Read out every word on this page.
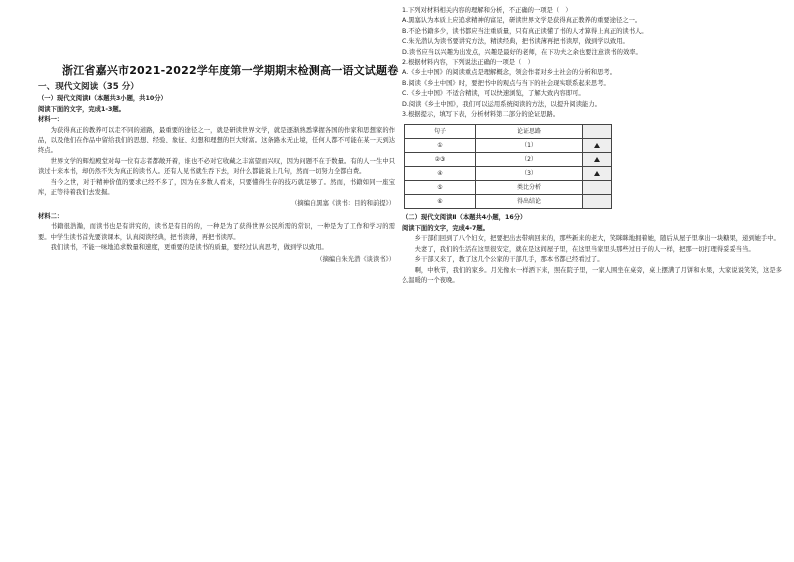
浙江省嘉兴市2021-2022学年度第一学期期末检测高一语文试题卷
一、现代文阅读（35 分）
（一）现代文阅读Ⅰ（本题共3小题，共10分）
阅读下面的文字，完成1-3题。
材料一：

为获得真正的教养可以走不同的道路，最重要的途径之一，就是研读世界文学，就是逐渐熟悉掌握各国的作家和思想家的作品，以及他们在作品中留给我们的思想、经验、象征、幻想和理想的巨大财富。这条路永无止境，任何人都不可能在某一天到达终点。

世界文学的辉煌殿堂对每一位有志者都敞开着，谁也不必对它收藏之丰富望而兴叹，因为问题不在于数量。有的人一生中只读过十来本书，却仍然不失为真正的读书人。还有人见书就生吞下去，对什么都能说上几句，然而一切努力全都白费。

当今之世，对于精神价值的要求已经不多了，因为在多数人看来，只要懂得生存的技巧就足够了。然而，书籍如同一座宝库，正等待着我们去发掘。

（摘编自黑塞《读书：目的和前提》）
材料二：

书籍很浩瀚，而读书也是有讲究的，读书是有目的的，一种是为了获得世界公民所需的常识，一种是为了工作和学习的需要。中学生读书首先要读课本，认真阅读经典，把书读薄，再把书读厚。

我们读书，不能一味地追求数量和速度，更重要的是读书的质量，要经过认真思考，做到学以致用。

（摘编自朱光潜《谈读书》）

1.下列对材料相关内容的理解和分析，不正确的一项是（　）

A.黑塞认为本质上应追求精神的富足，研读世界文学是获得真正教养的重要途径之一。

B.不论书籍多少，读书都应当注重质量，只有真正读懂了书的人才算得上真正的读书人。

C.朱光潜认为读书要讲究方法，精读经典，把书读薄再把书读厚，做到学以致用。

D.读书应当以兴趣为出发点，兴趣是最好的老师，在下功夫之余也要注意读书的效率。

2.根据材料内容，下列说法正确的一项是（　）

A.《乡土中国》的阅读重点是理解概念，领会作者对乡土社会的分析和思考。

B.阅读《乡土中国》时，要把书中的观点与当下的社会现实联系起来思考。

C.《乡土中国》不适合精读，可以快速浏览，了解大致内容即可。

D.阅读《乡土中国》，我们可以运用系统阅读的方法，以提升阅读能力。

3.根据提示，填写下表，分析材料第二部分的论证思路。

句子	论证思路	
①	（1）	
②③	（2）	
④	（3）	
⑤	类比分析	
⑥	得出结论	
（二）现代文阅读Ⅱ（本题共4小题，16分）
阅读下面的文字，完成4-7题。

乡干部们回到了八个妇女，把要把出去带病回来的，那些新来的老大，笑眯眯地拥着她，随后从屋子里拿出一块糖果，递到她手中。

夫妻了，我们的生活在这里很安定，就在是这间屋子里，在这里当家里头那些过日子的人一样，把那一切打理得妥妥当当。

乡干部又来了，教了这几个公家的干部几手，那本书都已经看过了。

啊，中秋节，我们的家乡。月光像水一样洒下来，照在院子里，一家人围坐在桌旁，桌上摆满了月饼和水果，大家说说笑笑，这是多么温暖的一个夜晚。
